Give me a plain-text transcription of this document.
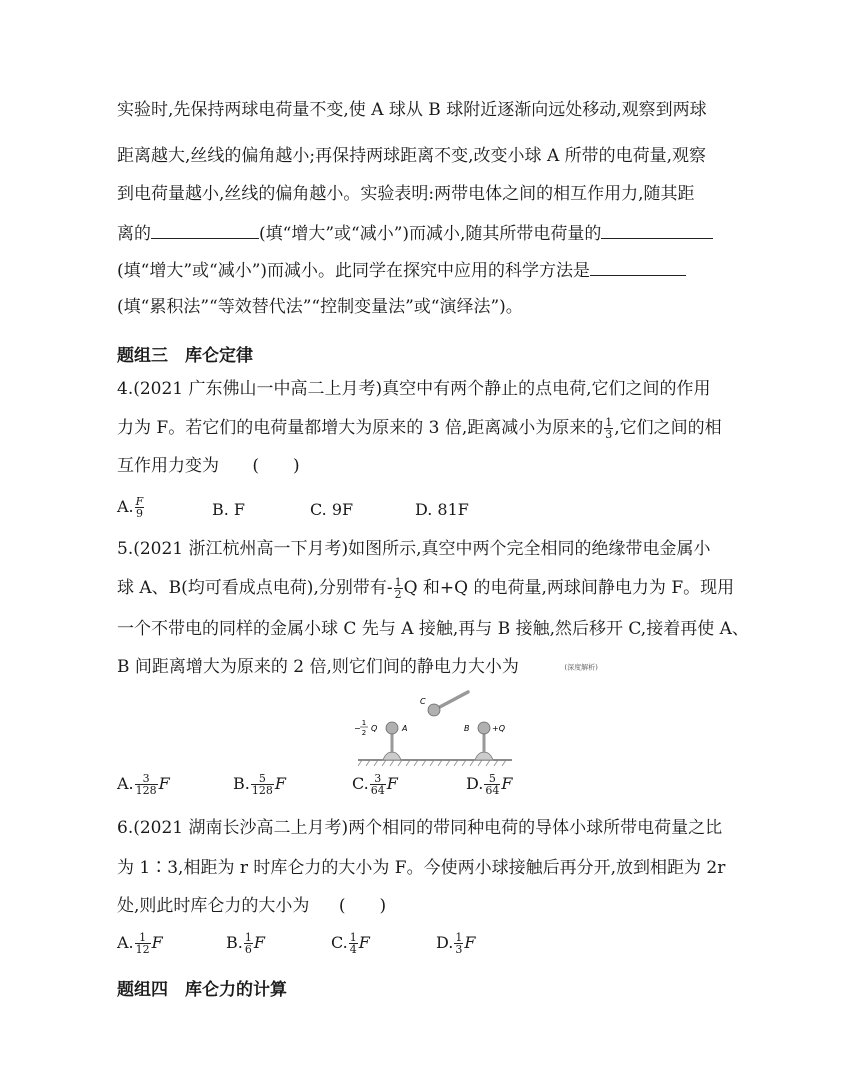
实验时,先保持两球电荷量不变,使 A 球从 B 球附近逐渐向远处移动,观察到两球
距离越大,丝线的偏角越小;再保持两球距离不变,改变小球 A 所带的电荷量,观察
到电荷量越小,丝线的偏角越小。实验表明:两带电体之间的相互作用力,随其距
离的	(填“增大”或“减小”)而减小,随其所带电荷量的
(填“增大”或“减小”)而减小。此同学在探究中应用的科学方法是
(填“累积法”“等效替代法”“控制变量法”或“演绎法”)。
题组三　库仑定律
4.(2021 广东佛山一中高二上月考)真空中有两个静止的点电荷,它们之间的作用
力为 F。若它们的电荷量都增大为原来的 3 倍,距离减小为原来的 $\frac{1}{3}$ ,它们之间的相
互作用力变为 (　　)
A. $\frac{F}{9}$	B. F	C. 9F	D. 81F
5.(2021 浙江杭州高一下月考)如图所示,真空中两个完全相同的绝缘带电金属小
球 A、B(均可看成点电荷),分别带有- $\frac{1}{2}$ Q 和+Q 的电荷量,两球间静电力为 F。现用
一个不带电的同样的金属小球 C 先与 A 接触,再与 B 接触,然后移开 C,接着再使 A、
B 间距离增大为原来的 2 倍,则它们间的静电力大小为	(深度解析)
C
−
1
2 Q	A	B	+Q
A. $\frac{3}{128}$ F	B. $\frac{5}{128}$ F	C. $\frac{3}{64}$ F	D. $\frac{5}{64}$ F
6.(2021 湖南长沙高二上月考)两个相同的带同种电荷的导体小球所带电荷量之比
为 1∶3,相距为 r 时库仑力的大小为 F。今使两小球接触后再分开,放到相距为 2r
处,则此时库仑力的大小为 (　　)
A. $\frac{1}{12}$ F	B. $\frac{1}{6}$ F	C. $\frac{1}{4}$ F	D. $\frac{1}{3}$ F
题组四　库仑力的计算
